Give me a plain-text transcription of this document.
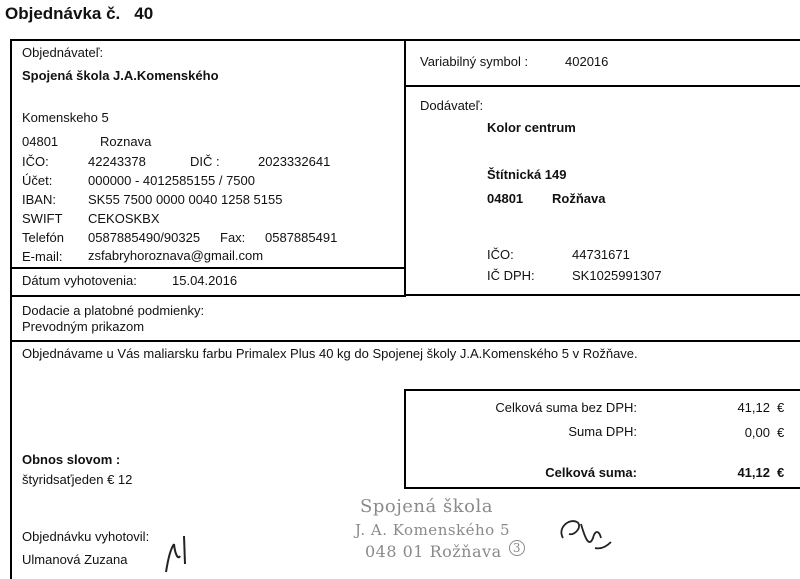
Objednávka č. 40
Objednávateľ:
Spojená škola J.A.Komenského
Komenskeho 5
04801	Roznava
IČO:	42243378	DIČ :	2023332641
Účet:	000000 - 4012585155 / 7500
IBAN: SK55 7500 0000 0040 1258 5155
SWIFT CEKOSKBX
Telefón 0587885490/90325 Fax: 0587885491
E-mail: zsfabryhoroznava@gmail.com
Dátum vyhotovenia:	15.04.2016
Variabilný symbol :	402016
Dodávateľ:
Kolor centrum
Štítnická 149
04801 Rožňava
IČO:	44731671
IČ DPH:	SK1025991307
Dodacie a platobné podmienky:
Prevodným prikazom
Objednávame u Vás maliarsku farbu Primalex Plus 40 kg do Spojenej školy J.A.Komenského 5 v Rožňave.
Celková suma bez DPH:	41,12 €
Suma DPH:	0,00 €
Celková suma:	41,12 €
Obnos slovom :
štyridsaťjeden € 12
Objednávku vyhotovil:
Ulmanová Zuzana
Spojená škola
J. A. Komenského 5
048 01 Rožňava 3
